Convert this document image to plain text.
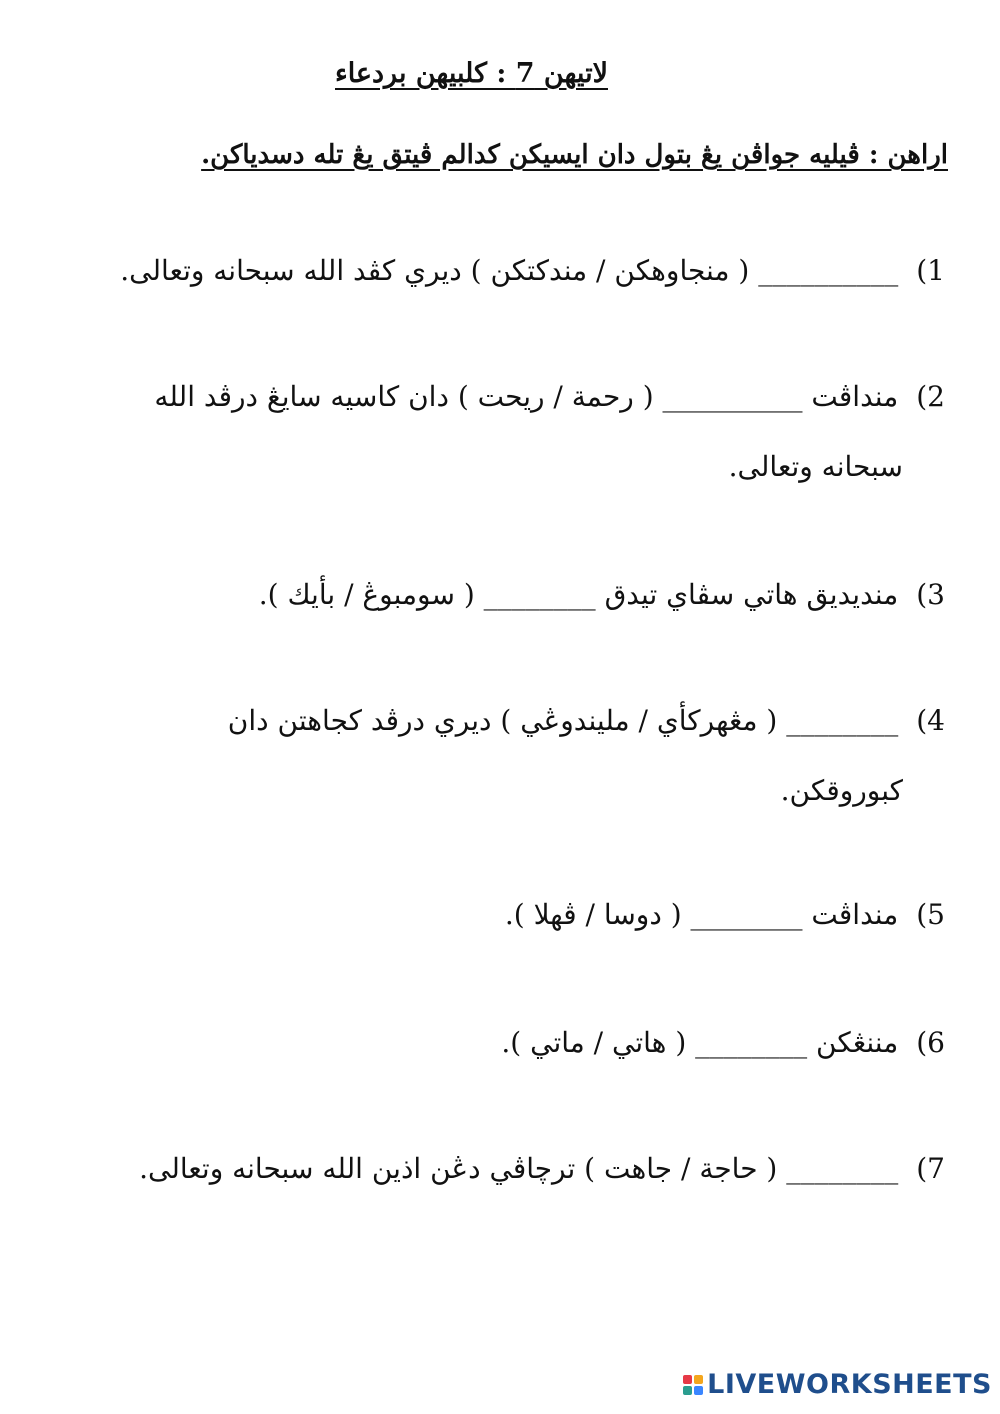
لاتيهن 7 : كلبيهن بردعاء
اراهن : ڤيليه جواڤن يڠ بتول دان ايسيكن كدالم ڤيتق يڠ تله دسدياكن.
1)__________ ( منجاوهكن / مندكتكن ) ديري كڤد الله سبحانه وتعالى.
2)منداڤت __________ ( رحمة / ريحت ) دان كاسيه سايڠ درڤد الله
سبحانه وتعالى.
3)منديديق هاتي سڤاي تيدق ________ ( سومبوڠ / بأيك ).
4)________ ( مڠهركأي / مليندوڠي ) ديري درڤد كجاهتن دان
كبوروقكن.
5)منداڤت ________ ( دوسا / ڤهلا ).
6)مننڠكن ________ ( هاتي / ماتي ).
7)________ ( حاجة / جاهت ) ترچاڤي دڠن اذين الله سبحانه وتعالى.
LIVEWORKSHEETS
